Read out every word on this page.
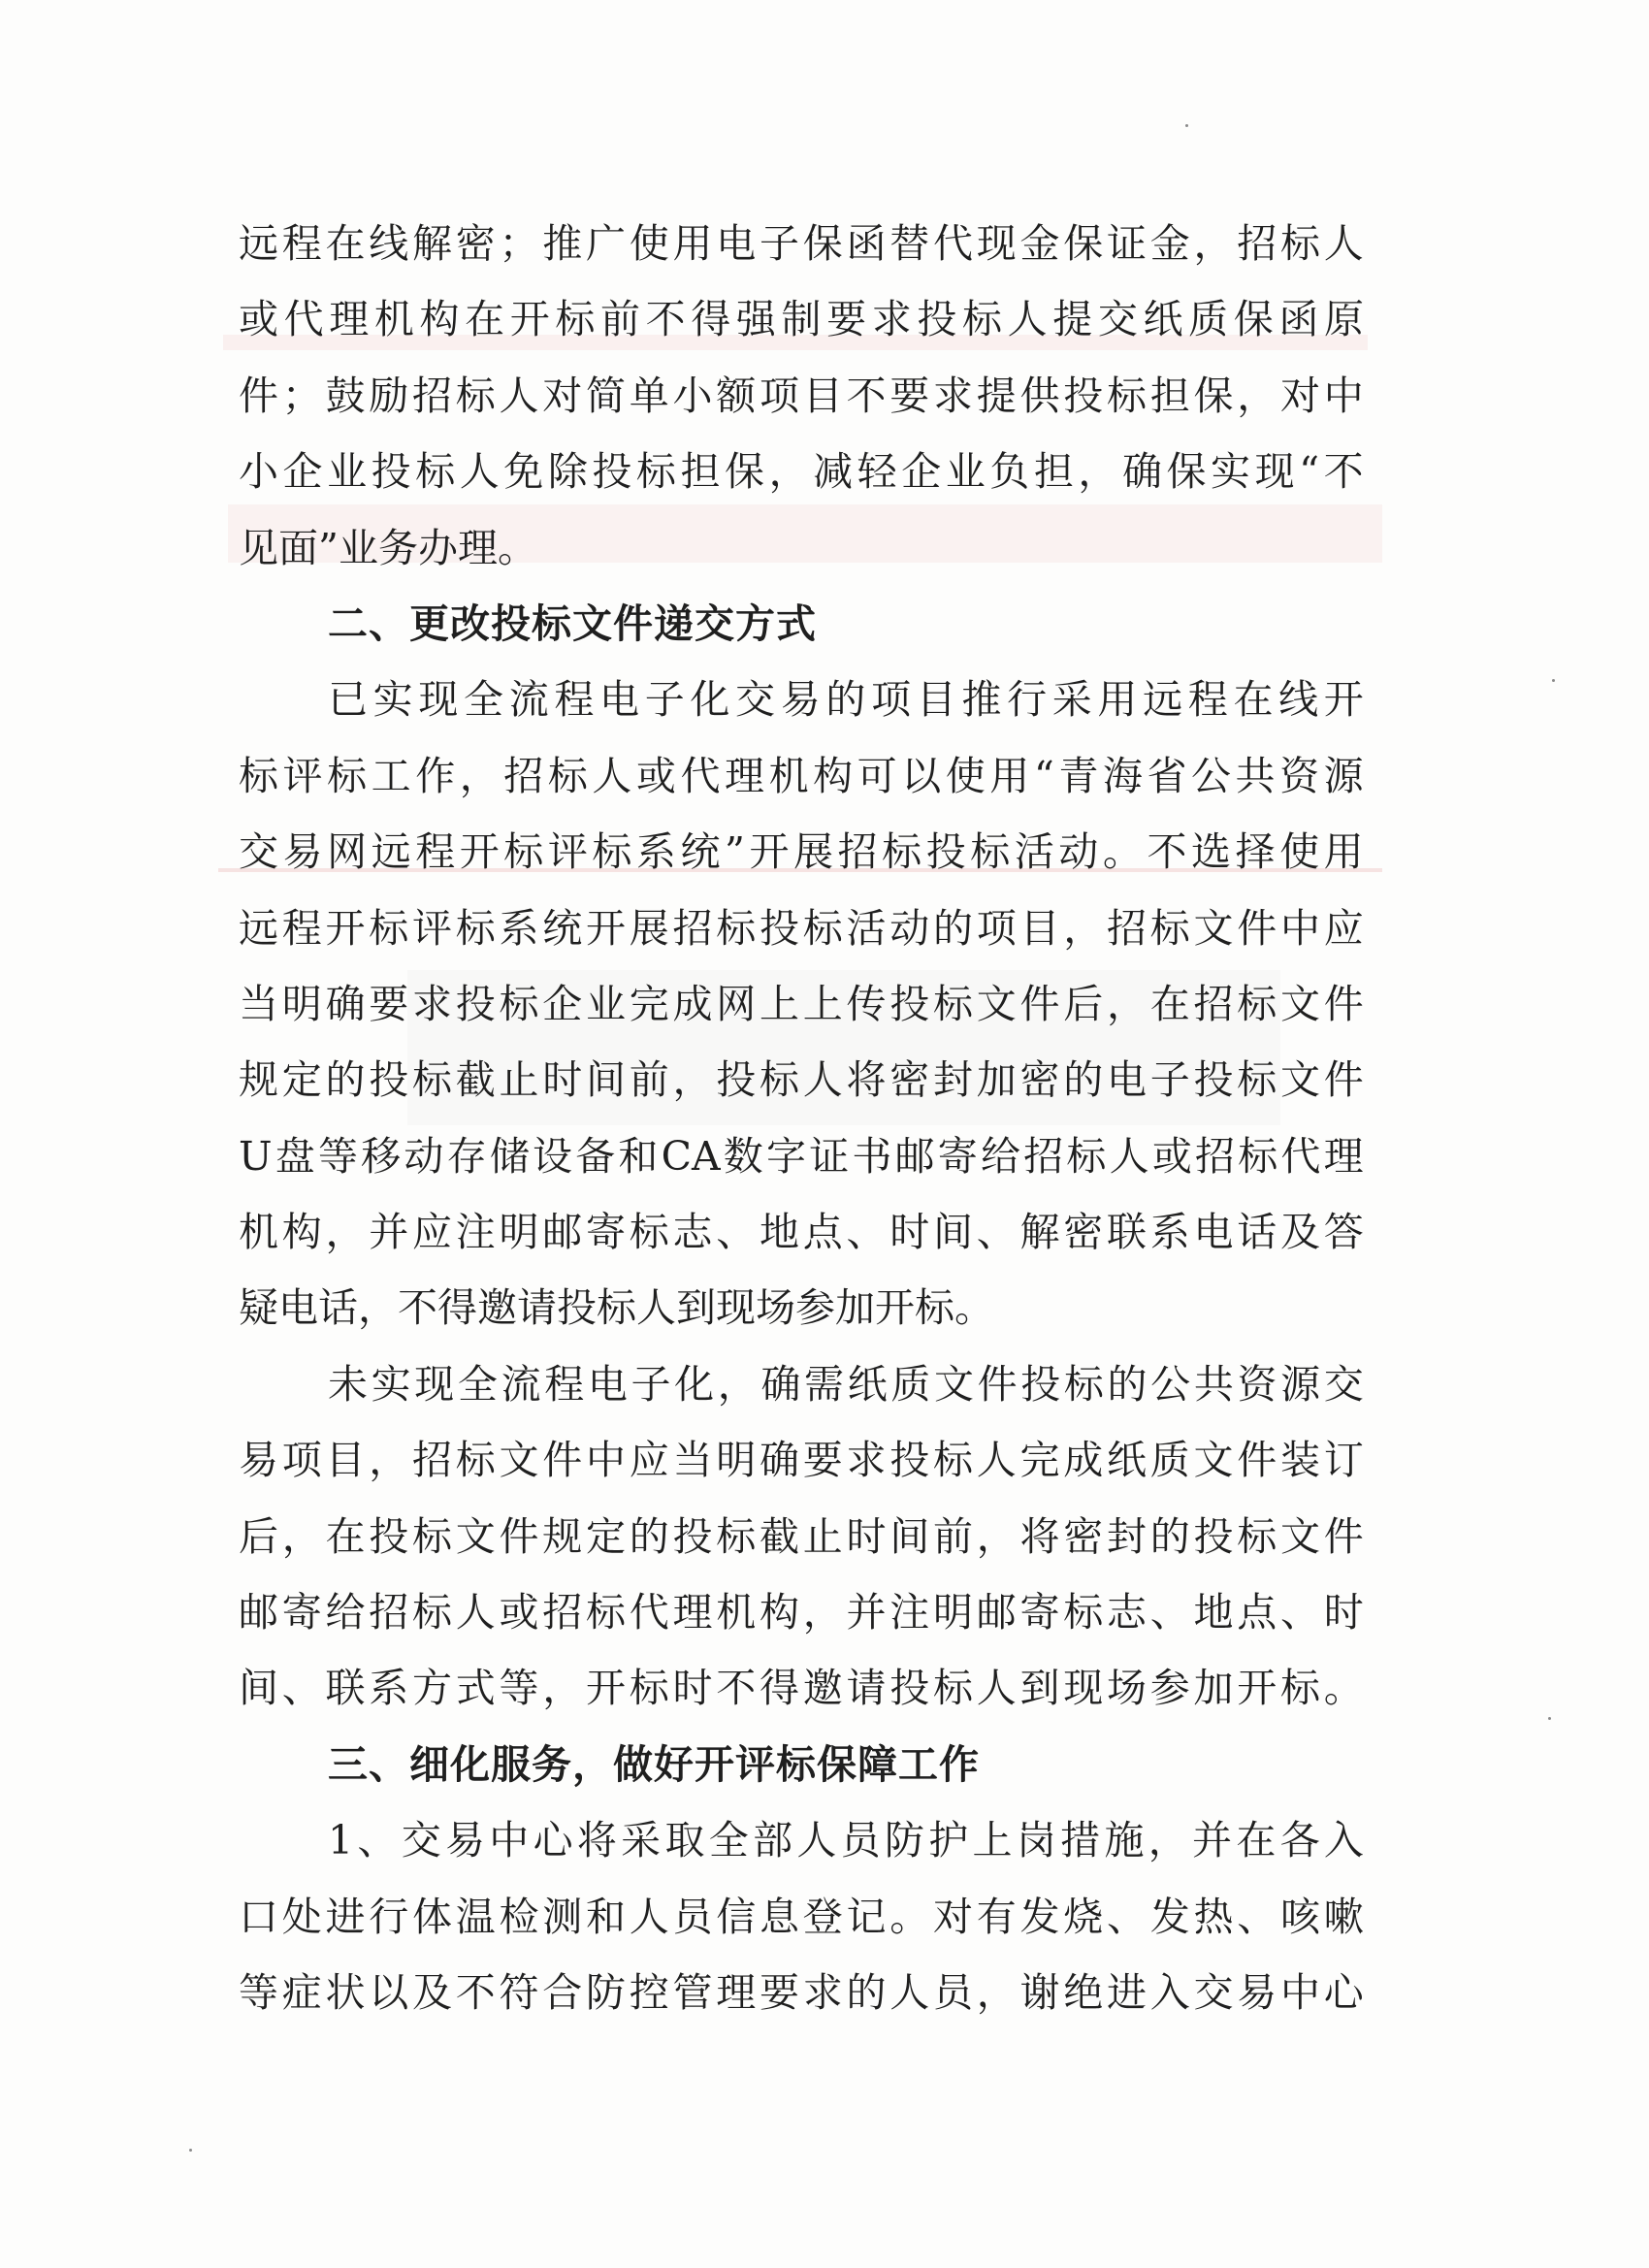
远 程 在 线 解 密 ； 推 广 使 用 电 子 保 函 替 代 现 金 保 证 金 ， 招 标 人
或 代 理 机 构 在 开 标 前 不 得 强 制 要 求 投 标 人 提 交 纸 质 保 函 原
件 ； 鼓 励 招 标 人 对 简 单 小 额 项 目 不 要 求 提 供 投 标 担 保 ， 对 中
小 企 业 投 标 人 免 除 投 标 担 保 ， 减 轻 企 业 负 担 ， 确 保 实 现 “ 不
见面”业务办理。
二、更改投标文件递交方式
已 实 现 全 流 程 电 子 化 交 易 的 项 目 推 行 采 用 远 程 在 线 开
标 评 标 工 作 ， 招 标 人 或 代 理 机 构 可 以 使 用 “ 青 海 省 公 共 资 源
交 易 网 远 程 开 标 评 标 系 统 ” 开 展 招 标 投 标 活 动 。 不 选 择 使 用
远 程 开 标 评 标 系 统 开 展 招 标 投 标 活 动 的 项 目 ， 招 标 文 件 中 应
当 明 确 要 求 投 标 企 业 完 成 网 上 上 传 投 标 文 件 后 ， 在 招 标 文 件
规 定 的 投 标 截 止 时 间 前 ， 投 标 人 将 密 封 加 密 的 电 子 投 标 文 件
U 盘 等 移 动 存 储 设 备 和 CA 数 字 证 书 邮 寄 给 招 标 人 或 招 标 代 理
机 构 ， 并 应 注 明 邮 寄 标 志 、 地 点 、 时 间 、 解 密 联 系 电 话 及 答
疑电话，不得邀请投标人到现场参加开标。
未 实 现 全 流 程 电 子 化 ， 确 需 纸 质 文 件 投 标 的 公 共 资 源 交
易 项 目 ， 招 标 文 件 中 应 当 明 确 要 求 投 标 人 完 成 纸 质 文 件 装 订
后 ， 在 投 标 文 件 规 定 的 投 标 截 止 时 间 前 ， 将 密 封 的 投 标 文 件
邮 寄 给 招 标 人 或 招 标 代 理 机 构 ， 并 注 明 邮 寄 标 志 、 地 点 、 时
间 、 联 系 方 式 等 ， 开 标 时 不 得 邀 请 投 标 人 到 现 场 参 加 开 标 。
三、细化服务，做好开评标保障工作
1 、 交 易 中 心 将 采 取 全 部 人 员 防 护 上 岗 措 施 ， 并 在 各 入
口 处 进 行 体 温 检 测 和 人 员 信 息 登 记 。 对 有 发 烧 、 发 热 、 咳 嗽
等 症 状 以 及 不 符 合 防 控 管 理 要 求 的 人 员 ， 谢 绝 进 入 交 易 中 心
